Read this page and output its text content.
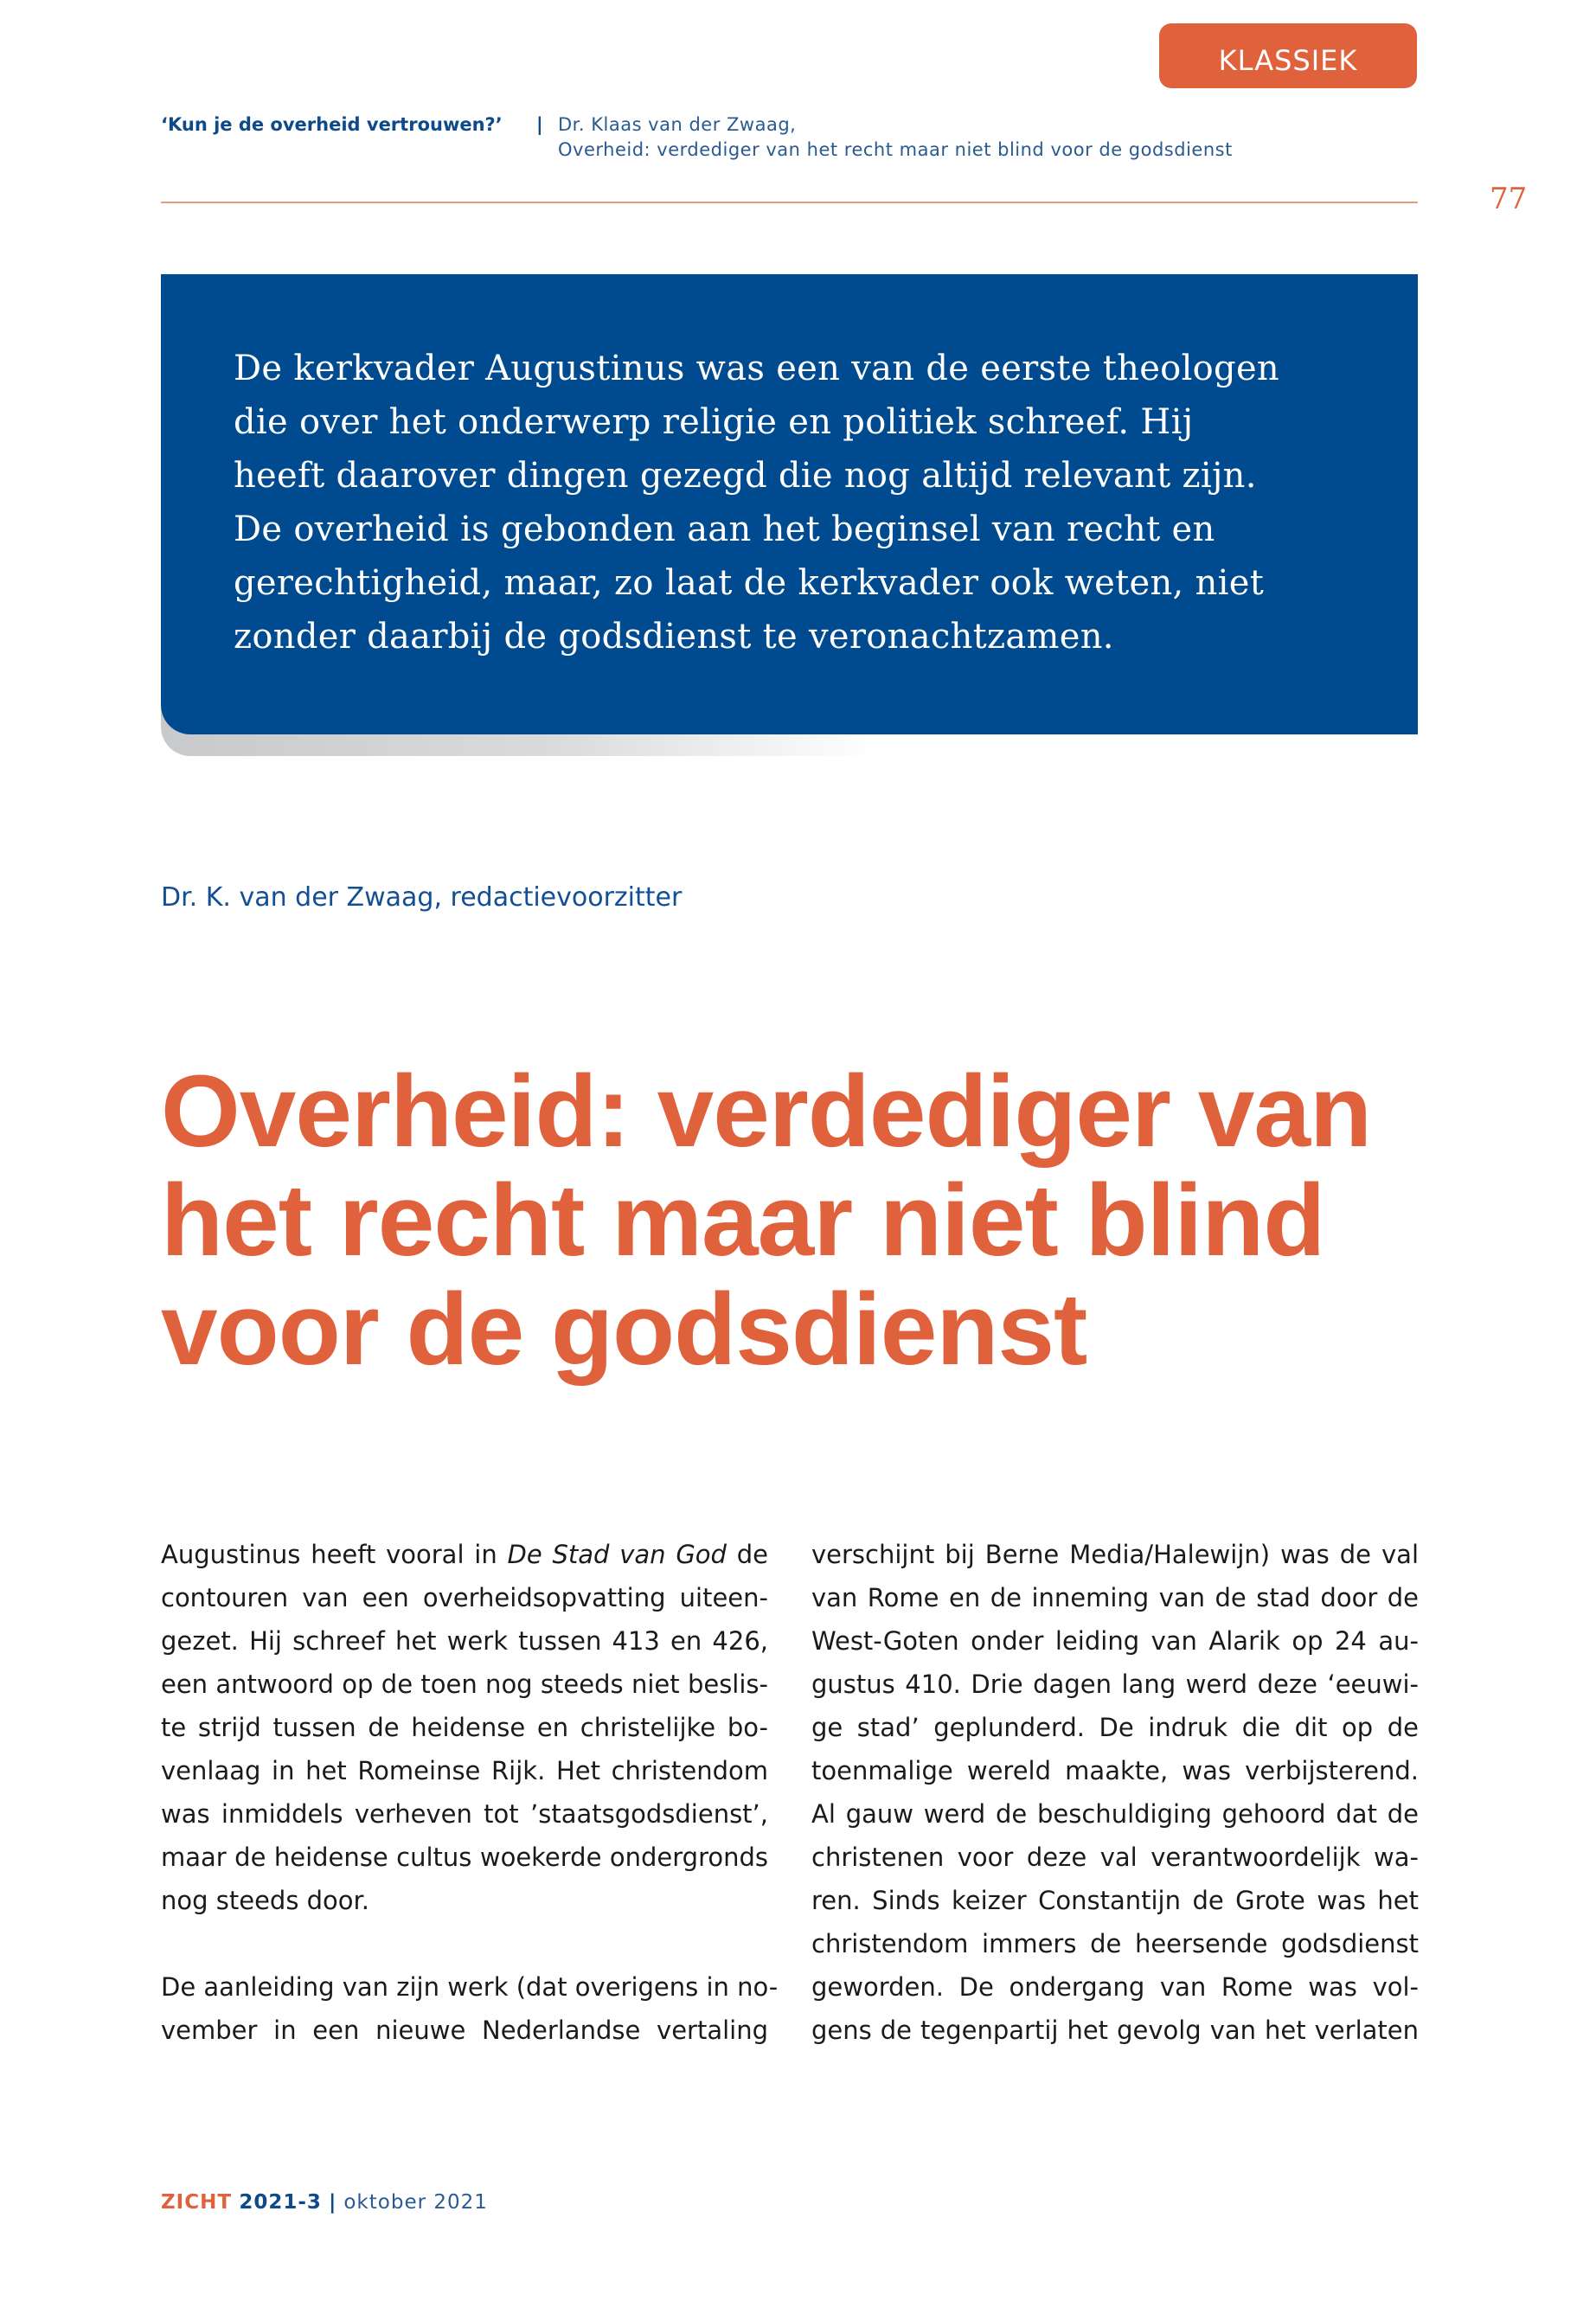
KLASSIEK
‘Kun je de overheid vertrouwen?’ | Dr. Klaas van der Zwaag,
Overheid: verdediger van het recht maar niet blind voor de godsdienst
77

De kerkvader Augustinus was een van de eerste theologen
die over het onderwerp religie en politiek schreef. Hij
heeft daarover dingen gezegd die nog altijd relevant zijn.
De overheid is gebonden aan het beginsel van recht en
gerechtigheid, maar, zo laat de kerkvader ook weten, niet
zonder daarbij de godsdienst te veronachtzamen.

Dr. K. van der Zwaag, redactievoorzitter
Overheid: verdediger van
het recht maar niet blind
voor de godsdienst
Augustinus heeft vooral in De Stad van God de
contouren van een overheidsopvatting uiteen-
gezet. Hij schreef het werk tussen 413 en 426,
een antwoord op de toen nog steeds niet beslis-
te strijd tussen de heidense en christelijke bo-
venlaag in het Romeinse Rijk. Het christendom
was inmiddels verheven tot ’staatsgodsdienst’,
maar de heidense cultus woekerde ondergronds
nog steeds door.
De aanleiding van zijn werk (dat overigens in no-
vember in een nieuwe Nederlandse vertaling
verschijnt bij Berne Media/Halewijn) was de val
van Rome en de inneming van de stad door de
West-Goten onder leiding van Alarik op 24 au-
gustus 410. Drie dagen lang werd deze ‘eeuwi-
ge stad’ geplunderd. De indruk die dit op de
toenmalige wereld maakte, was verbijsterend.
Al gauw werd de beschuldiging gehoord dat de
christenen voor deze val verantwoordelijk wa-
ren. Sinds keizer Constantijn de Grote was het
christendom immers de heersende godsdienst
geworden. De ondergang van Rome was vol-
gens de tegenpartij het gevolg van het verlaten
ZICHT 2021-3 | oktober 2021
